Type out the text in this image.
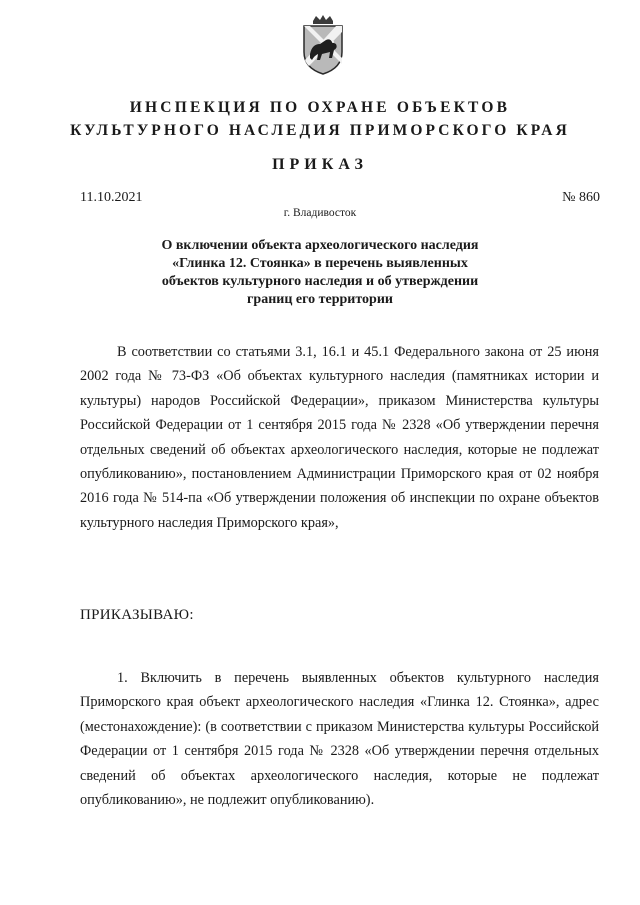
ИНСПЕКЦИЯ ПО ОХРАНЕ ОБЪЕКТОВ
КУЛЬТУРНОГО НАСЛЕДИЯ ПРИМОРСКОГО КРАЯ
ПРИКАЗ
11.10.2021	№ 860
г. Владивосток
О включении объекта археологического наследия
«Глинка 12. Стоянка» в перечень выявленных
объектов культурного наследия и об утверждении
границ его территории
В соответствии со статьями 3.1, 16.1 и 45.1 Федерального закона от 25 июня 2002 года № 73-ФЗ «Об объектах культурного наследия (памятниках истории и культуры) народов Российской Федерации», приказом Министерства культуры Российской Федерации от 1 сентября 2015 года № 2328 «Об утверждении перечня отдельных сведений об объектах археологического наследия, которые не подлежат опубликованию», постановлением Администрации Приморского края от 02 ноября 2016 года № 514-па «Об утверждении положения об инспекции по охране объектов культурного наследия Приморского края»,
ПРИКАЗЫВАЮ:
1. Включить в перечень выявленных объектов культурного наследия Приморского края объект археологического наследия «Глинка 12. Стоянка», адрес (местонахождение): (в соответствии с приказом Министерства культуры Российской Федерации от 1 сентября 2015 года № 2328 «Об утверждении перечня отдельных сведений об объектах археологического наследия, которые не подлежат опубликованию», не подлежит опубликованию).
